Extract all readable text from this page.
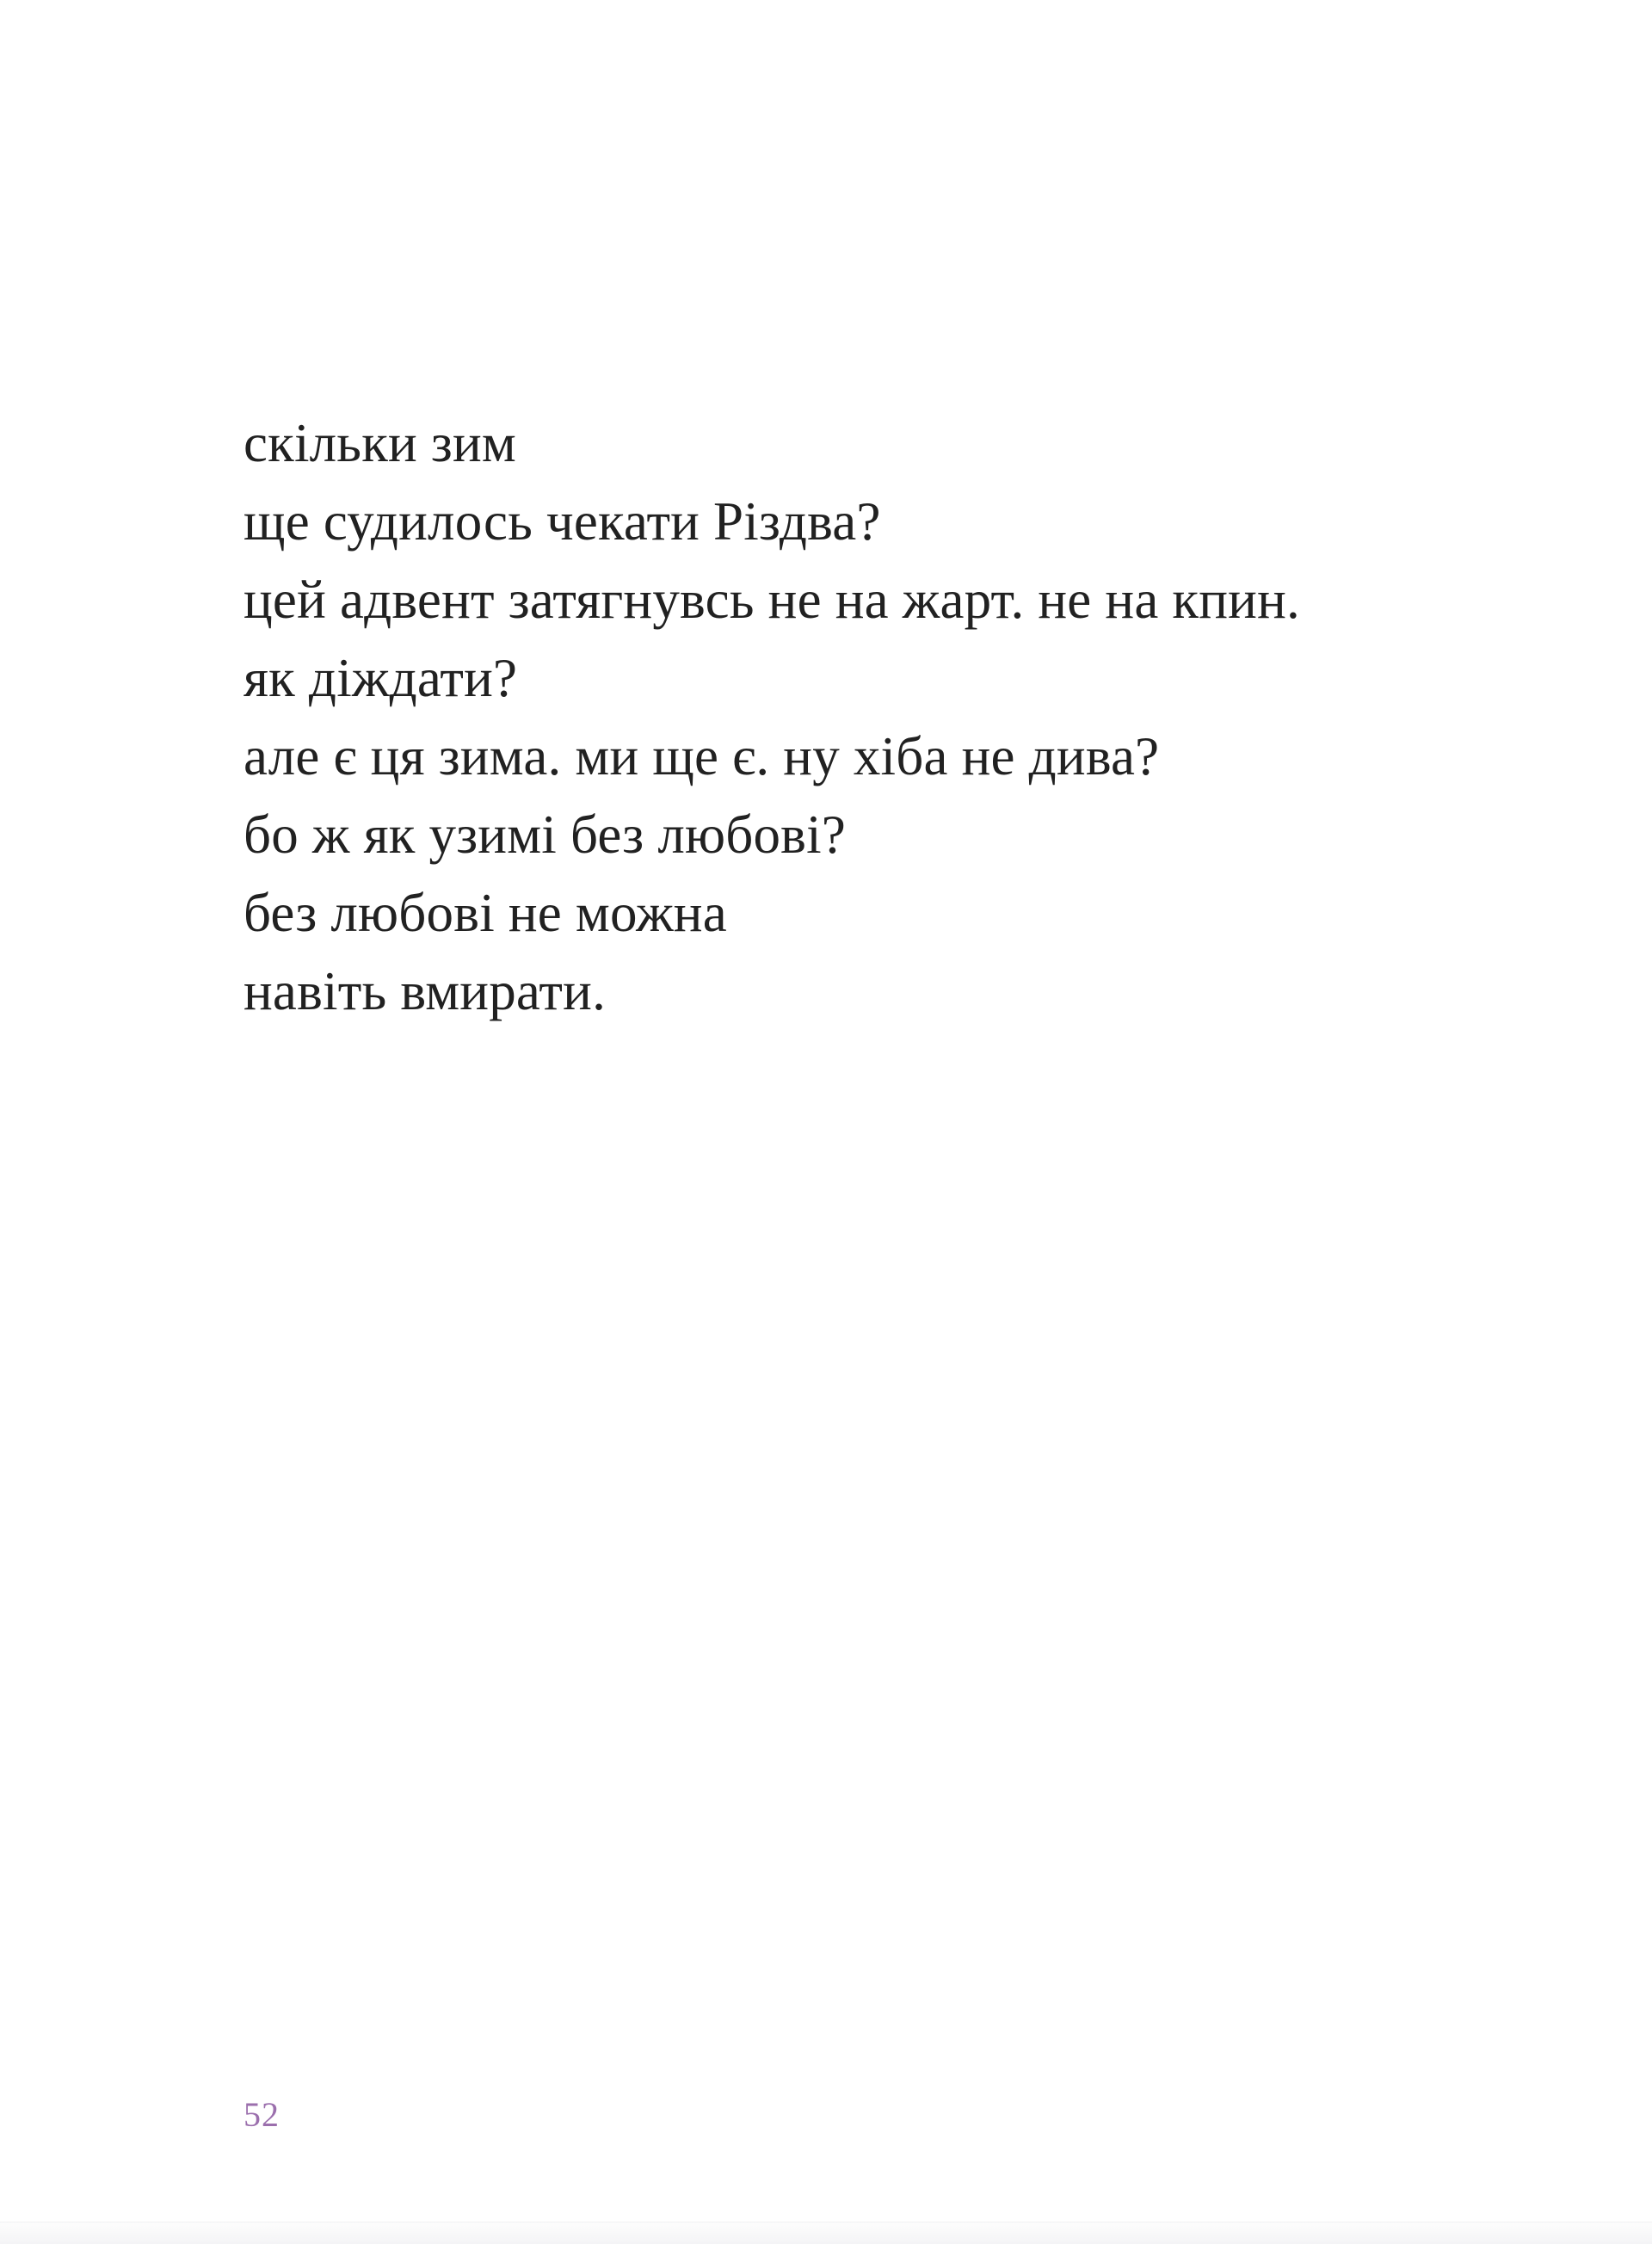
скільки зим
ще судилось чекати Різдва?
цей адвент затягнувсь не на жарт. не на кпин.
як діждати?
але є ця зима. ми ще є. ну хіба не дива?
бо ж як узимі без любові?
без любові не можна
навіть вмирати.
52
